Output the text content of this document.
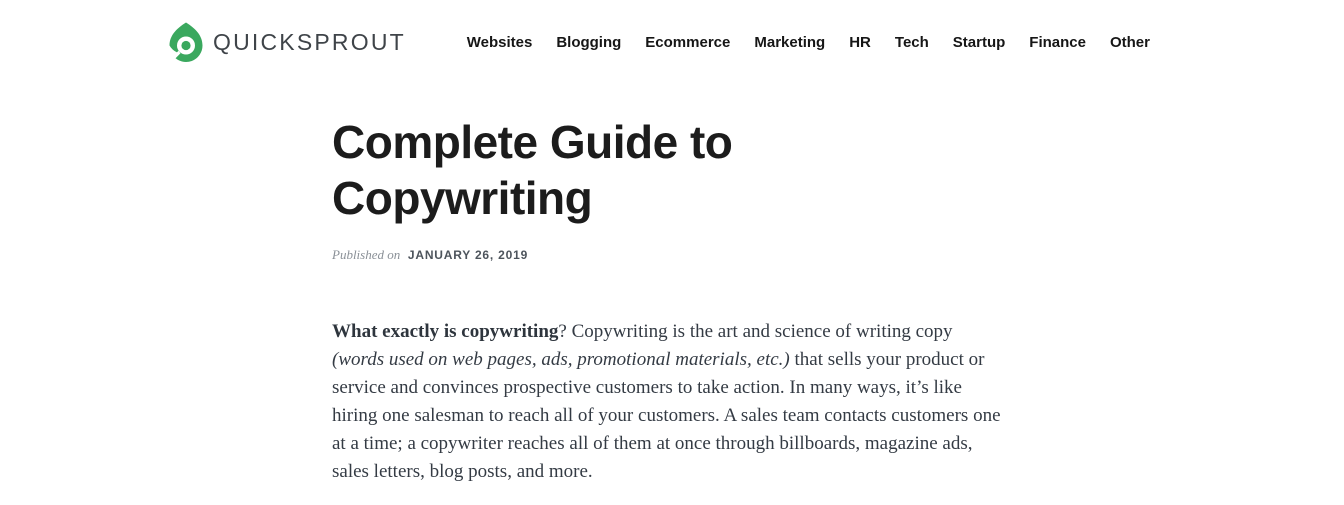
QUICKSPROUT	Websites Blogging Ecommerce Marketing HR Tech Startup Finance Other
Complete Guide to Copywriting
Published on JANUARY 26, 2019

What exactly is copywriting? Copywriting is the art and science of writing copy (words used on web pages, ads, promotional materials, etc.) that sells your product or service and convinces prospective customers to take action. In many ways, it’s like hiring one salesman to reach all of your customers. A sales team contacts customers one at a time; a copywriter reaches all of them at once through billboards, magazine ads, sales letters, blog posts, and more.
